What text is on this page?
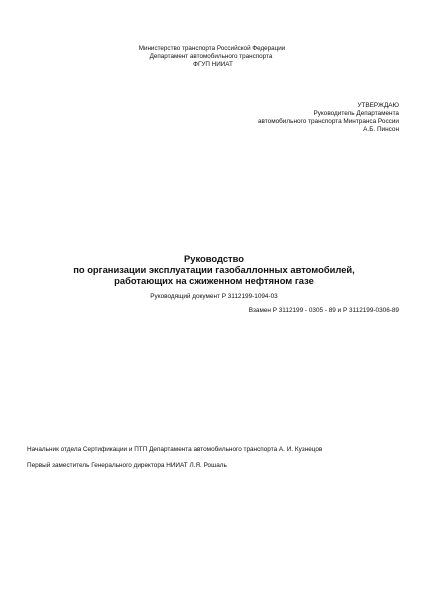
Министерство транспорта Российской Федерации
Департамент автомобильного транспорта
ФГУП НИИАТ
УТВЕРЖДАЮ
Руководитель Департамента
автомобильного транспорта Минтранса России
А.Б. Пинсон
Руководство
по организации эксплуатации газобаллонных автомобилей,
работающих на сжиженном нефтяном газе
Руководящий документ Р 3112199-1094-03
Взамен Р 3112199 - 0305 - 89 и Р 3112199-0306-89
Начальник отдела Сертификации и ПТП Департамента автомобильного транспорта А. И. Кузнецов
Первый заместитель Генерального директора НИИАТ Л.Я. Рошаль
